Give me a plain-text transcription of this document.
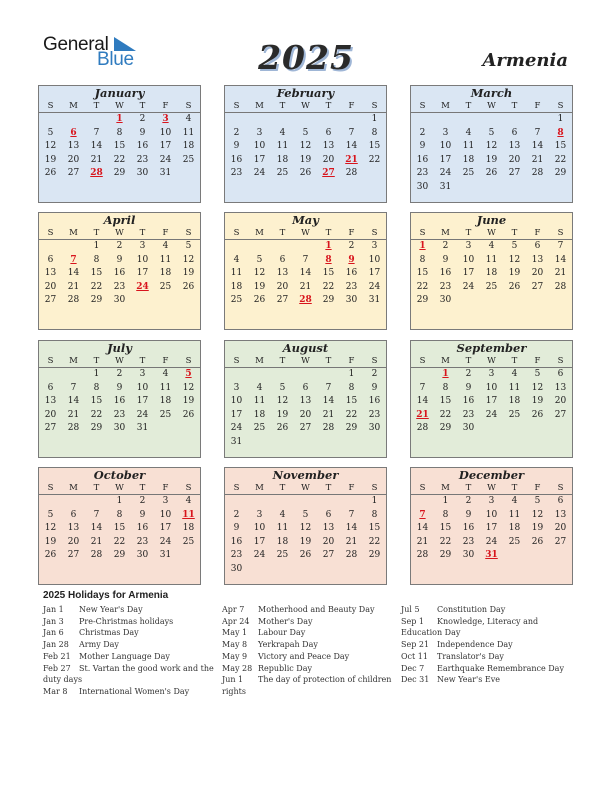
General
Blue	2025	Armenia
January
S	M	T	W	T	F	S
			1	2	3	4
5	6	7	8	9	10	11
12	13	14	15	16	17	18
19	20	21	22	23	24	25
26	27	28	29	30	31	
February
S	M	T	W	T	F	S
						1
2	3	4	5	6	7	8
9	10	11	12	13	14	15
16	17	18	19	20	21	22
23	24	25	26	27	28	
March
S	M	T	W	T	F	S
						1
2	3	4	5	6	7	8
9	10	11	12	13	14	15
16	17	18	19	20	21	22
23	24	25	26	27	28	29
30	31					
April
S	M	T	W	T	F	S
		1	2	3	4	5
6	7	8	9	10	11	12
13	14	15	16	17	18	19
20	21	22	23	24	25	26
27	28	29	30			
May
S	M	T	W	T	F	S
				1	2	3
4	5	6	7	8	9	10
11	12	13	14	15	16	17
18	19	20	21	22	23	24
25	26	27	28	29	30	31
June
S	M	T	W	T	F	S
1	2	3	4	5	6	7
8	9	10	11	12	13	14
15	16	17	18	19	20	21
22	23	24	25	26	27	28
29	30					
July
S	M	T	W	T	F	S
		1	2	3	4	5
6	7	8	9	10	11	12
13	14	15	16	17	18	19
20	21	22	23	24	25	26
27	28	29	30	31		
August
S	M	T	W	T	F	S
					1	2
3	4	5	6	7	8	9
10	11	12	13	14	15	16
17	18	19	20	21	22	23
24	25	26	27	28	29	30
31						
September
S	M	T	W	T	F	S
	1	2	3	4	5	6
7	8	9	10	11	12	13
14	15	16	17	18	19	20
21	22	23	24	25	26	27
28	29	30				
October
S	M	T	W	T	F	S
			1	2	3	4
5	6	7	8	9	10	11
12	13	14	15	16	17	18
19	20	21	22	23	24	25
26	27	28	29	30	31	
November
S	M	T	W	T	F	S
						1
2	3	4	5	6	7	8
9	10	11	12	13	14	15
16	17	18	19	20	21	22
23	24	25	26	27	28	29
30						
December
S	M	T	W	T	F	S
	1	2	3	4	5	6
7	8	9	10	11	12	13
14	15	16	17	18	19	20
21	22	23	24	25	26	27
28	29	30	31			
2025 Holidays for Armenia
Jan 1 New Year's Day
Jan 3 Pre-Christmas holidays
Jan 6 Christmas Day
Jan 28 Army Day
Feb 21 Mother Language Day
Feb 27 St. Vartan the good work and the duty days
Mar 8 International Women's Day
Apr 7 Motherhood and Beauty Day
Apr 24 Mother's Day
May 1 Labour Day
May 8 Yerkrapah Day
May 9 Victory and Peace Day
May 28 Republic Day
Jun 1 The day of protection of children rights
Jul 5 Constitution Day
Sep 1 Knowledge, Literacy and Education Day
Sep 21 Independence Day
Oct 11 Translator's Day
Dec 7 Earthquake Remembrance Day
Dec 31 New Year's Eve
